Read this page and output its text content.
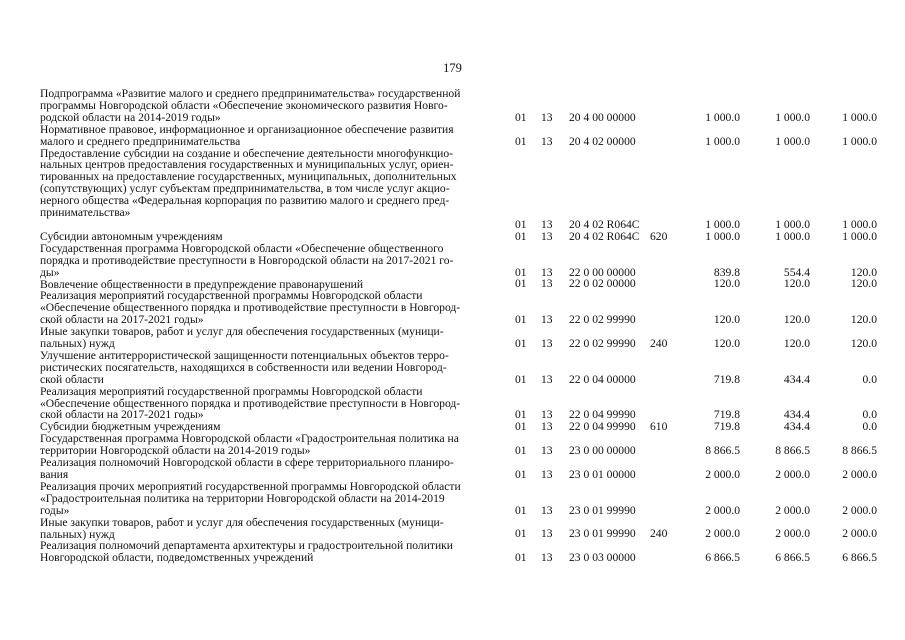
179
Подпрограмма «Развитие малого и среднего предпринимательства» государственной
программы Новгородской области «Обеспечение экономического развития Новго-
родской области на 2014-2019 годы»	01 13 20 4 00 00000	1 000.0	1 000.0	1 000.0
Нормативное правовое, информационное и организационное обеспечение развития
малого и среднего предпринимательства	01 13 20 4 02 00000	1 000.0	1 000.0	1 000.0
Предоставление субсидии на создание и обеспечение деятельности многофункцио-
нальных центров предоставления государственных и муниципальных услуг, ориен-
тированных на предоставление государственных, муниципальных, дополнительных
(сопутствующих) услуг субъектам предпринимательства, в том числе услуг акцио-
нерного общества «Федеральная корпорация по развитию малого и среднего пред-
принимательства»
01 13 20 4 02 R064C	1 000.0	1 000.0	1 000.0
Субсидии автономным учреждениям	01 13 20 4 02 R064C 620	1 000.0	1 000.0	1 000.0
Государственная программа Новгородской области «Обеспечение общественного
порядка и противодействие преступности в Новгородской области на 2017-2021 го-
ды»	01 13 22 0 00 00000	839.8	554.4	120.0
Вовлечение общественности в предупреждение правонарушений	01 13 22 0 02 00000	120.0	120.0	120.0
Реализация мероприятий государственной программы Новгородской области
«Обеспечение общественного порядка и противодействие преступности в Новгород-
ской области на 2017-2021 годы»	01 13 22 0 02 99990	120.0	120.0	120.0
Иные закупки товаров, работ и услуг для обеспечения государственных (муници-
пальных) нужд	01 13 22 0 02 99990 240	120.0	120.0	120.0
Улучшение антитеррористической защищенности потенциальных объектов терро-
ристических посягательств, находящихся в собственности или ведении Новгород-
ской области	01 13 22 0 04 00000	719.8	434.4	0.0
Реализация мероприятий государственной программы Новгородской области
«Обеспечение общественного порядка и противодействие преступности в Новгород-
ской области на 2017-2021 годы»	01 13 22 0 04 99990	719.8	434.4	0.0
Субсидии бюджетным учреждениям	01 13 22 0 04 99990 610	719.8	434.4	0.0
Государственная программа Новгородской области «Градостроительная политика на
территории Новгородской области на 2014-2019 годы»	01 13 23 0 00 00000	8 866.5	8 866.5	8 866.5
Реализация полномочий Новгородской области в сфере территориального планиро-
вания	01 13 23 0 01 00000	2 000.0	2 000.0	2 000.0
Реализация прочих мероприятий государственной программы Новгородской области
«Градостроительная политика на территории Новгородской области на 2014-2019
годы»	01 13 23 0 01 99990	2 000.0	2 000.0	2 000.0
Иные закупки товаров, работ и услуг для обеспечения государственных (муници-
пальных) нужд	01 13 23 0 01 99990 240	2 000.0	2 000.0	2 000.0
Реализация полномочий департамента архитектуры и градостроительной политики
Новгородской области, подведомственных учреждений	01 13 23 0 03 00000	6 866.5	6 866.5	6 866.5
